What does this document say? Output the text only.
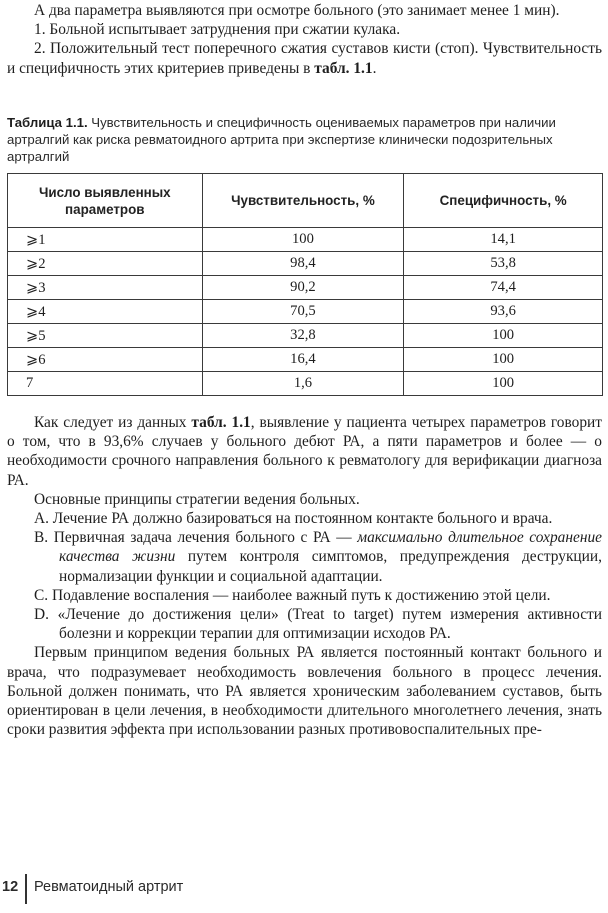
А два параметра выявляются при осмотре больного (это занимает менее 1 мин).

1. Больной испытывает затруднения при сжатии кулака.

2. Положительный тест поперечного сжатия суставов кисти (стоп). Чувствительность и специфичность этих критериев приведены в табл. 1.1.

Таблица 1.1. Чувствительность и специфичность оцениваемых параметров при наличии артралгий как риска ревматоидного артрита при экспертизе клинически подозрительных артралгий
Число выявленных параметров	Чувствительность, %	Специфичность, %
⩾1	100	14,1
⩾2	98,4	53,8
⩾3	90,2	74,4
⩾4	70,5	93,6
⩾5	32,8	100
⩾6	16,4	100
7	1,6	100

Как следует из данных табл. 1.1, выявление у пациента четырех параметров говорит о том, что в 93,6% случаев у больного дебют РА, а пяти параметров и более — о необходимости срочного направления больного к ревматологу для верификации диагноза РА.

Основные принципы стратегии ведения больных.

A. Лечение РА должно базироваться на постоянном контакте больного и врача.

B. Первичная задача лечения больного с РА — максимально длительное сохранение качества жизни путем контроля симптомов, предупреждения деструкции, нормализации функции и социальной адаптации.

C. Подавление воспаления — наиболее важный путь к достижению этой цели.

D. «Лечение до достижения цели» (Treat to target) путем измерения активности болезни и коррекции терапии для оптимизации исходов РА.

Первым принципом ведения больных РА является постоянный контакт больного и врача, что подразумевает необходимость вовлечения больного в процесс лечения. Больной должен понимать, что РА является хроническим заболеванием суставов, быть ориентирован в цели лечения, в необходимости длительного многолетнего лечения, знать сроки развития эффекта при использовании разных противовоспалительных пре-

12 Ревматоидный артрит
